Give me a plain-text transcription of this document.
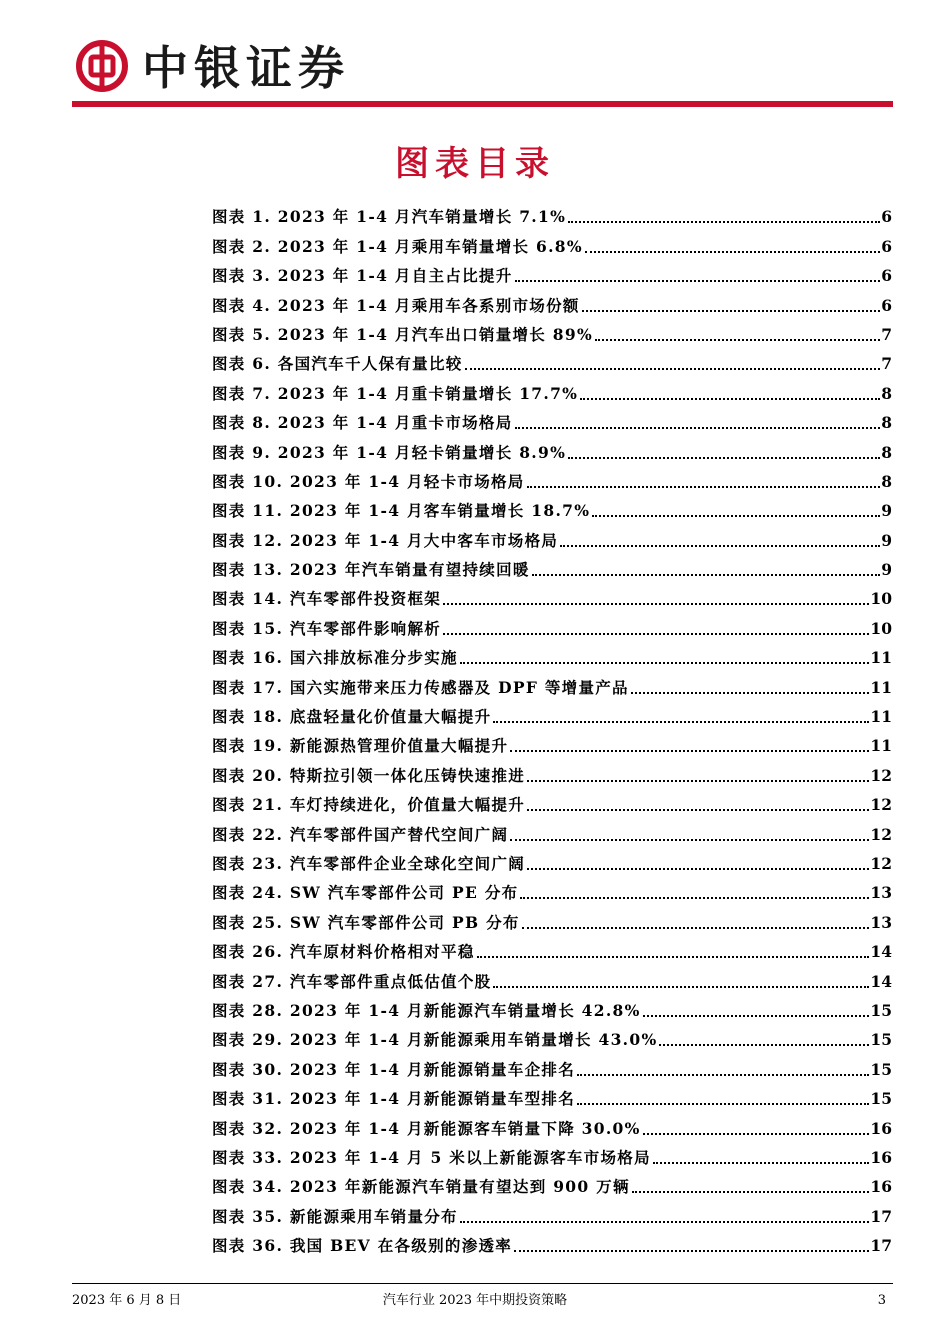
中银证券
图表目录
图表 1. 2023 年 1-4 月汽车销量增长 7.1%	6
图表 2. 2023 年 1-4 月乘用车销量增长 6.8%	6
图表 3. 2023 年 1-4 月自主占比提升	6
图表 4. 2023 年 1-4 月乘用车各系别市场份额	6
图表 5. 2023 年 1-4 月汽车出口销量增长 89%	7
图表 6. 各国汽车千人保有量比较	7
图表 7. 2023 年 1-4 月重卡销量增长 17.7%	8
图表 8. 2023 年 1-4 月重卡市场格局	8
图表 9. 2023 年 1-4 月轻卡销量增长 8.9%	8
图表 10. 2023 年 1-4 月轻卡市场格局	8
图表 11. 2023 年 1-4 月客车销量增长 18.7%	9
图表 12. 2023 年 1-4 月大中客车市场格局	9
图表 13. 2023 年汽车销量有望持续回暖	9
图表 14. 汽车零部件投资框架	10
图表 15. 汽车零部件影响解析	10
图表 16. 国六排放标准分步实施	11
图表 17. 国六实施带来压力传感器及 DPF 等增量产品	11
图表 18. 底盘轻量化价值量大幅提升	11
图表 19. 新能源热管理价值量大幅提升	11
图表 20. 特斯拉引领一体化压铸快速推进	12
图表 21. 车灯持续进化，价值量大幅提升	12
图表 22. 汽车零部件国产替代空间广阔	12
图表 23. 汽车零部件企业全球化空间广阔	12
图表 24. SW 汽车零部件公司 PE 分布	13
图表 25. SW 汽车零部件公司 PB 分布	13
图表 26. 汽车原材料价格相对平稳	14
图表 27. 汽车零部件重点低估值个股	14
图表 28. 2023 年 1-4 月新能源汽车销量增长 42.8%	15
图表 29. 2023 年 1-4 月新能源乘用车销量增长 43.0%	15
图表 30. 2023 年 1-4 月新能源销量车企排名	15
图表 31. 2023 年 1-4 月新能源销量车型排名	15
图表 32. 2023 年 1-4 月新能源客车销量下降 30.0%	16
图表 33. 2023 年 1-4 月 5 米以上新能源客车市场格局	16
图表 34. 2023 年新能源汽车销量有望达到 900 万辆	16
图表 35. 新能源乘用车销量分布	17
图表 36. 我国 BEV 在各级别的渗透率	17
2023 年 6 月 8 日	汽车行业 2023 年中期投资策略	3
